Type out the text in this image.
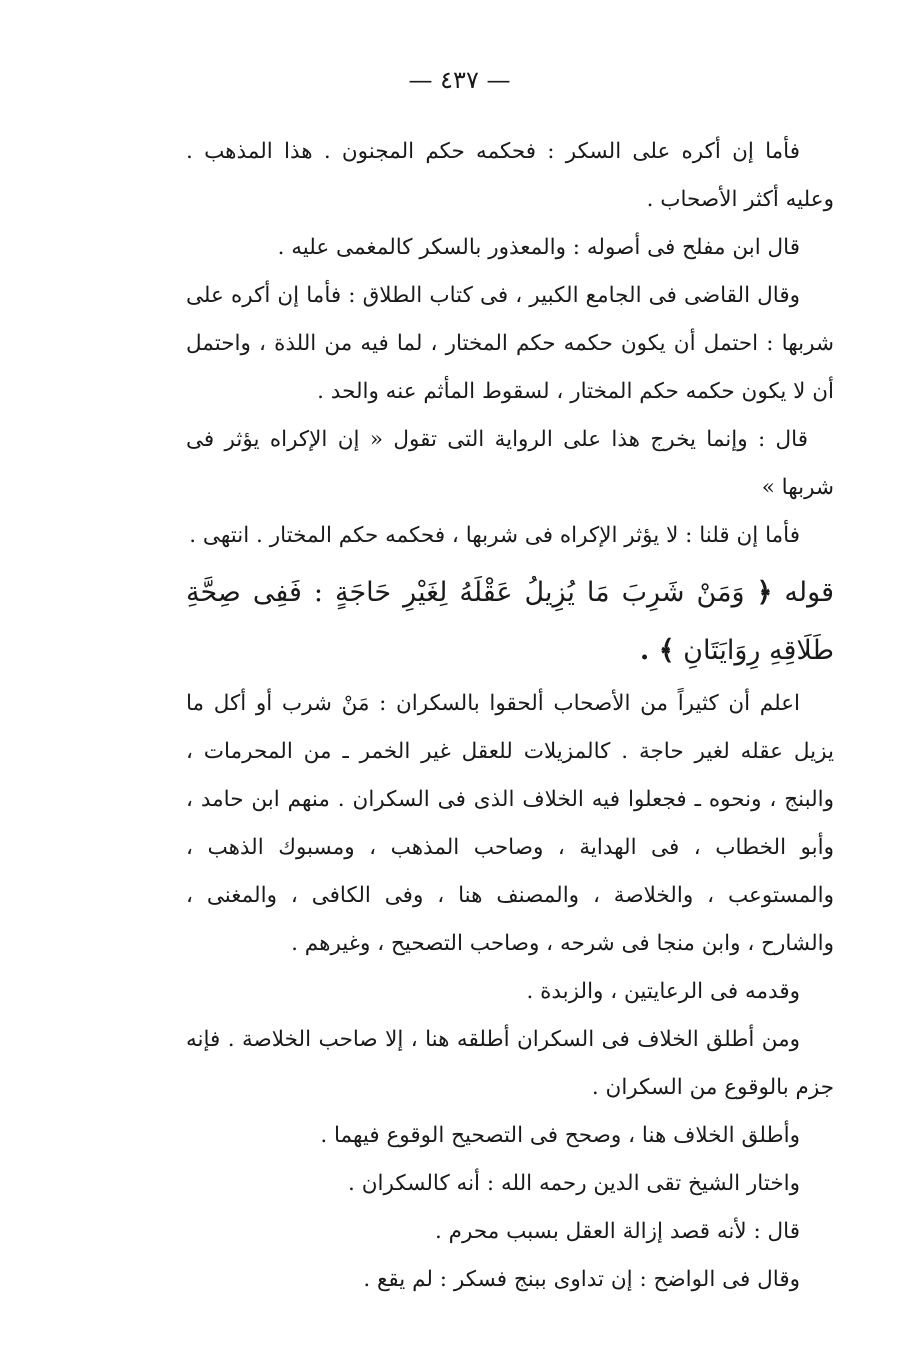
— ٤٣٧ —

فأما إن أكره على السكر : فحكمه حكم المجنون . هذا المذهب . وعليه أكثر الأصحاب .

قال ابن مفلح فى أصوله : والمعذور بالسكر كالمغمى عليه .

وقال القاضى فى الجامع الكبير ، فى كتاب الطلاق : فأما إن أكره على شربها : احتمل أن يكون حكمه حكم المختار ، لما فيه من اللذة ، واحتمل أن لا يكون حكمه حكم المختار ، لسقوط المأثم عنه والحد .

قال : وإنما يخرج هذا على الرواية التى تقول « إن الإكراه يؤثر فى شربها »

فأما إن قلنا : لا يؤثر الإكراه فى شربها ، فحكمه حكم المختار . انتهى .

قوله ﴿ وَمَنْ شَرِبَ مَا يُزِيلُ عَقْلَهُ لِغَيْرِ حَاجَةٍ : فَفِى صِحَّةِ طَلَاقِهِ رِوَايَتَانِ ﴾ .

اعلم أن كثيراً من الأصحاب ألحقوا بالسكران : مَنْ شرب أو أكل ما يزيل عقله لغير حاجة . كالمزيلات للعقل غير الخمر ـ من المحرمات ، والبنج ، ونحوه ـ فجعلوا فيه الخلاف الذى فى السكران . منهم ابن حامد ، وأبو الخطاب ، فى الهداية ، وصاحب المذهب ، ومسبوك الذهب ، والمستوعب ، والخلاصة ، والمصنف هنا ، وفى الكافى ، والمغنى ، والشارح ، وابن منجا فى شرحه ، وصاحب التصحيح ، وغيرهم .

وقدمه فى الرعايتين ، والزبدة .

ومن أطلق الخلاف فى السكران أطلقه هنا ، إلا صاحب الخلاصة . فإنه جزم بالوقوع من السكران .

وأطلق الخلاف هنا ، وصحح فى التصحيح الوقوع فيهما .

واختار الشيخ تقى الدين رحمه الله : أنه كالسكران .

قال : لأنه قصد إزالة العقل بسبب محرم .

وقال فى الواضح : إن تداوى ببنج فسكر : لم يقع .
